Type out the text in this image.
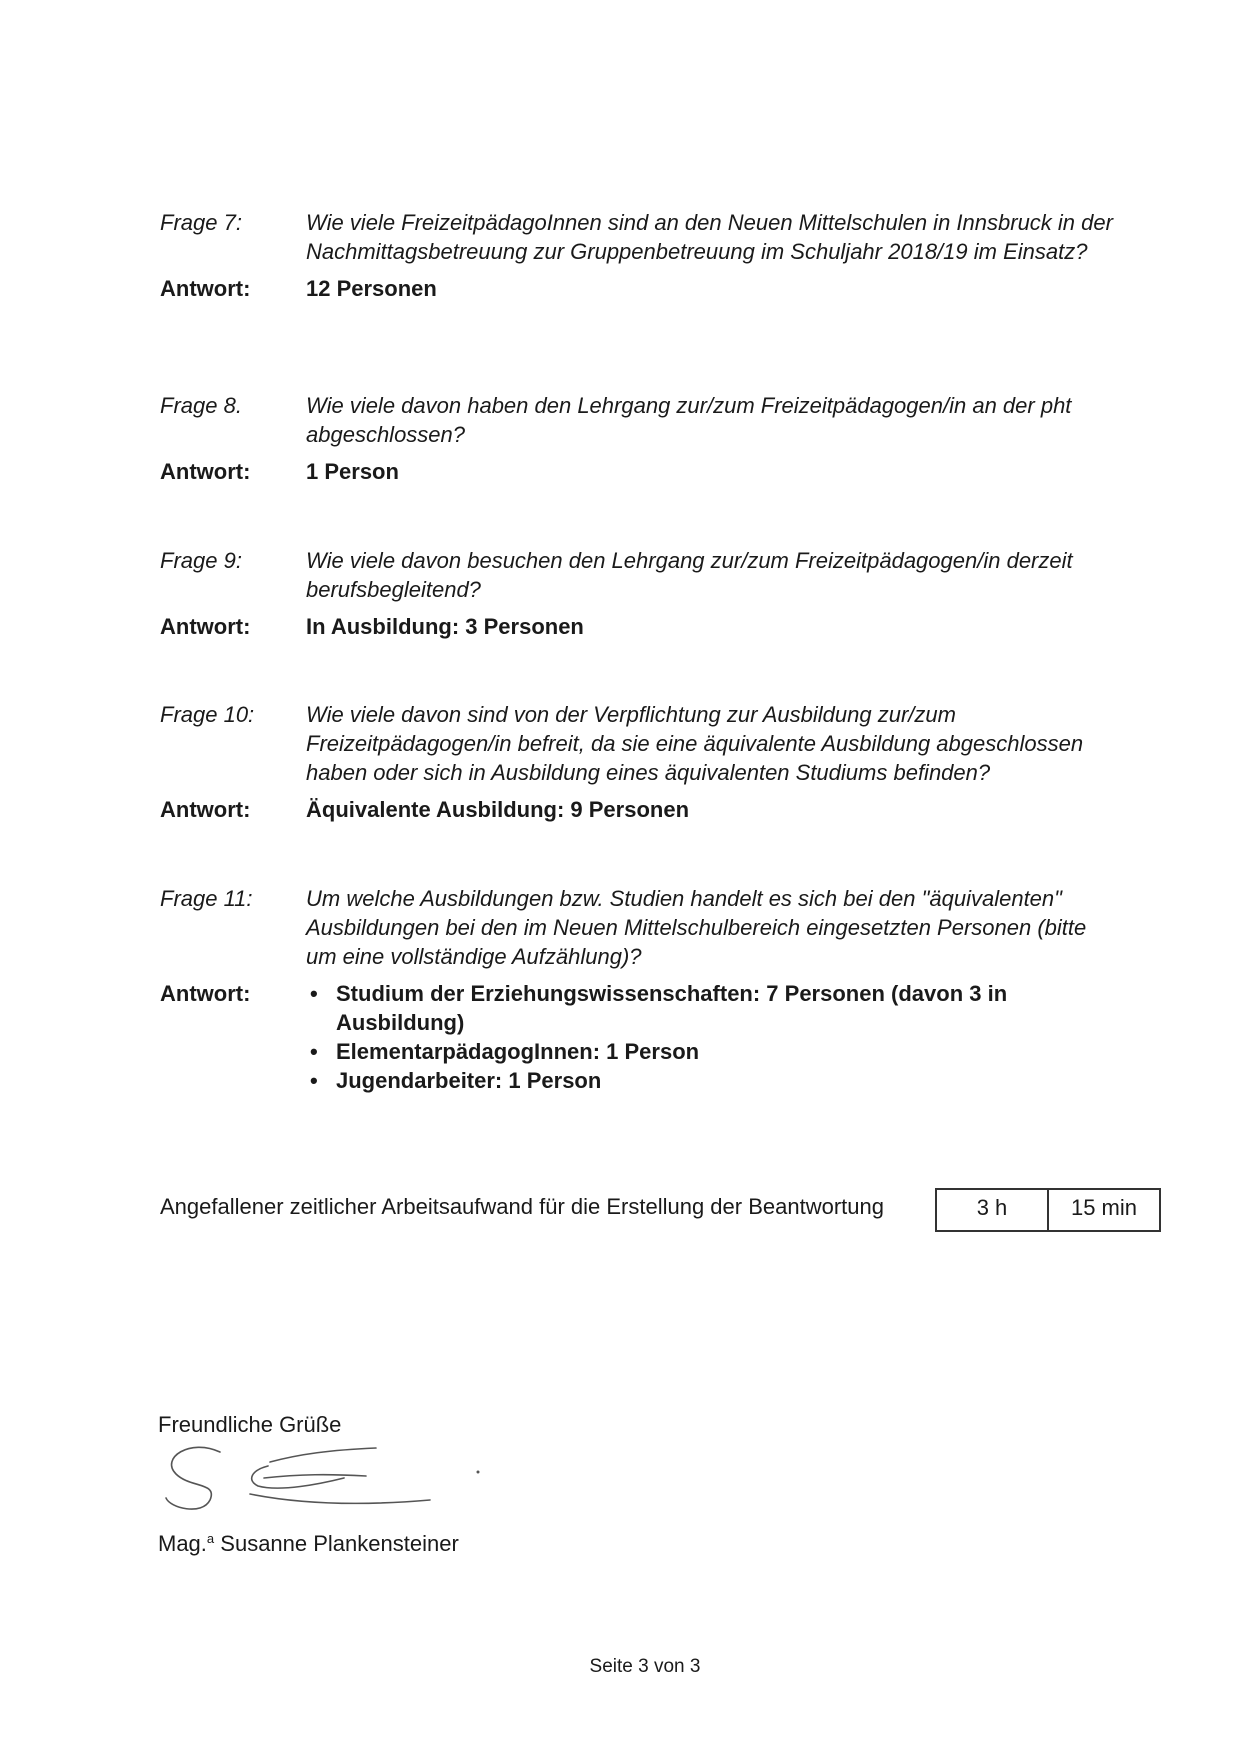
Frage 7:	Wie viele FreizeitpädagoInnen sind an den Neuen Mittelschulen in Innsbruck in der Nachmittagsbetreuung zur Gruppenbetreuung im Schuljahr 2018/19 im Einsatz?
Antwort:	12 Personen
Frage 8.	Wie viele davon haben den Lehrgang zur/zum Freizeitpädagogen/in an der pht abgeschlossen?
Antwort:	1 Person
Frage 9:	Wie viele davon besuchen den Lehrgang zur/zum Freizeitpädagogen/in derzeit berufsbegleitend?
Antwort:	In Ausbildung: 3 Personen
Frage 10:	Wie viele davon sind von der Verpflichtung zur Ausbildung zur/zum Freizeitpädagogen/in befreit, da sie eine äquivalente Ausbildung abgeschlossen haben oder sich in Ausbildung eines äquivalenten Studiums befinden?
Antwort:	Äquivalente Ausbildung: 9 Personen
Frage 11:	Um welche Ausbildungen bzw. Studien handelt es sich bei den "äquivalenten" Ausbildungen bei den im Neuen Mittelschulbereich eingesetzten Personen (bitte um eine vollständige Aufzählung)?
Antwort:	• Studium der Erziehungswissenschaften: 7 Personen (davon 3 in Ausbildung)
• ElementarpädagogInnen: 1 Person
• Jugendarbeiter: 1 Person
Angefallener zeitlicher Arbeitsaufwand für die Erstellung der Beantwortung	3 h	15 min
Freundliche Grüße
Mag.$^a$ Susanne Plankensteiner
Seite 3 von 3
